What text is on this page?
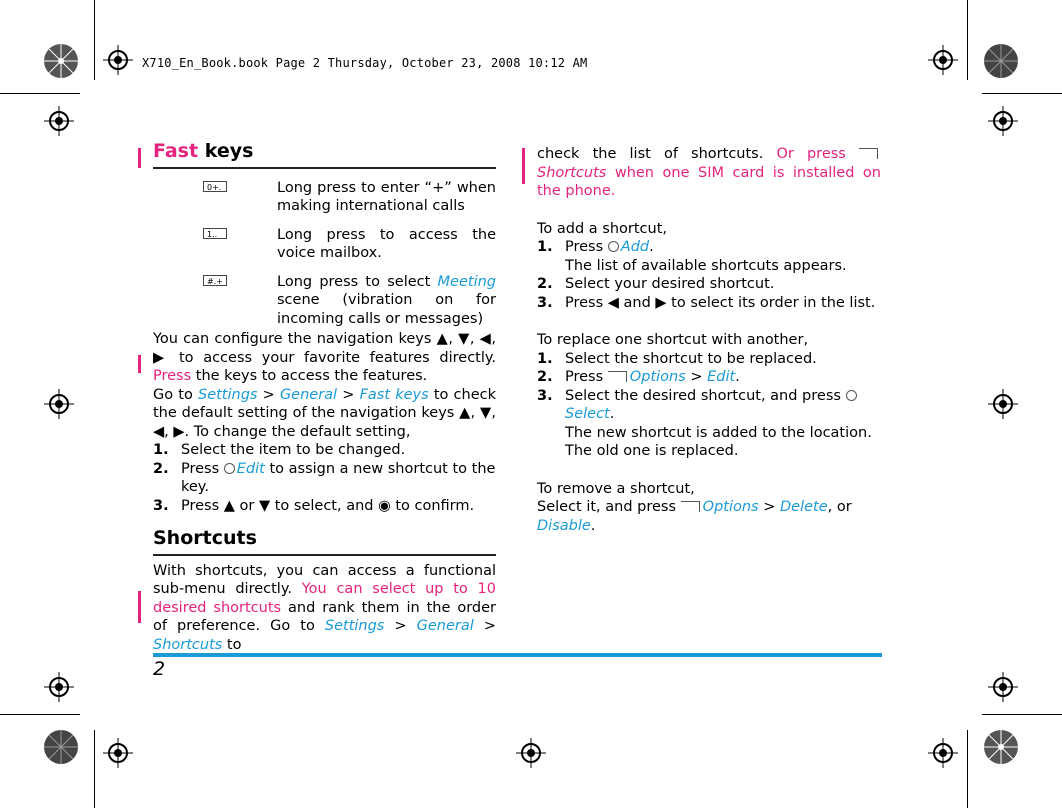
X710_En_Book.book Page 2 Thursday, October 23, 2008 10:12 AM
Fast keys
0+.	Long press to enter “+” when making international calls
1..	Long press to access the voice mailbox.
#.+	Long press to select Meeting scene (vibration on for incoming calls or messages)

You can configure the navigation keys ▲, ▼, ◀, ▶ to access your favorite features directly. Press the keys to access the features.

Go to Settings > General > Fast keys to check the default setting of the navigation keys ▲, ▼, ◀, ▶. To change the default setting,

1. Select the item to be changed.
2. Press Edit to assign a new shortcut to the key.
3. Press ▲ or ▼ to select, and ◉ to confirm.
Shortcuts

With shortcuts, you can access a functional sub-menu directly. You can select up to 10 desired shortcuts and rank them in the order of preference. Go to Settings > General > Shortcuts to

check the list of shortcuts. Or press Shortcuts when one SIM card is installed on the phone.

To add a shortcut,

1. Press Add.

The list of available shortcuts appears.

2. Select your desired shortcut.
3. Press ◀ and ▶ to select its order in the list.

To replace one shortcut with another,

1. Select the shortcut to be replaced.
2. Press Options > Edit.
3. Select the desired shortcut, and press Select.

The new shortcut is added to the location.

The old one is replaced.

To remove a shortcut,

Select it, and press Options > Delete, or Disable.

2
